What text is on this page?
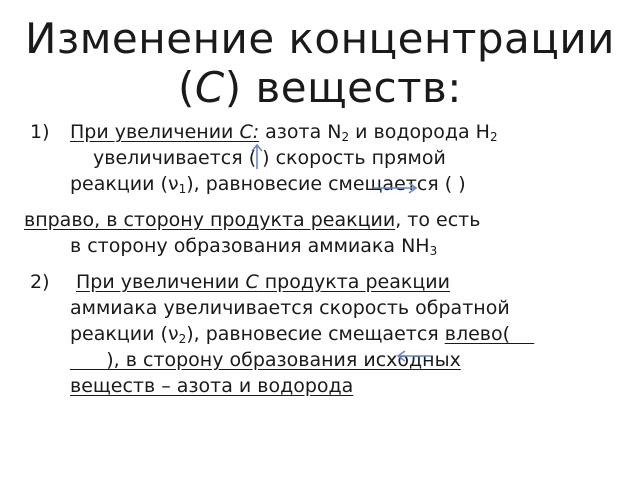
Изменение концентрации
(С) веществ:
1) При увеличении С: азота $N_2$ и водорода $H_2$
увеличивается ( ) скорость прямой
реакции $(\nu_1)$, равновесие смещается ( )
вправо, в сторону продукта реакции, то есть
в сторону образования аммиака $NH_3$
2) При увеличении С продукта реакции
аммиака увеличивается скорость обратной
реакции $(\nu_2)$, равновесие смещается влево(
), в сторону образования исходных
веществ – азота и водорода
